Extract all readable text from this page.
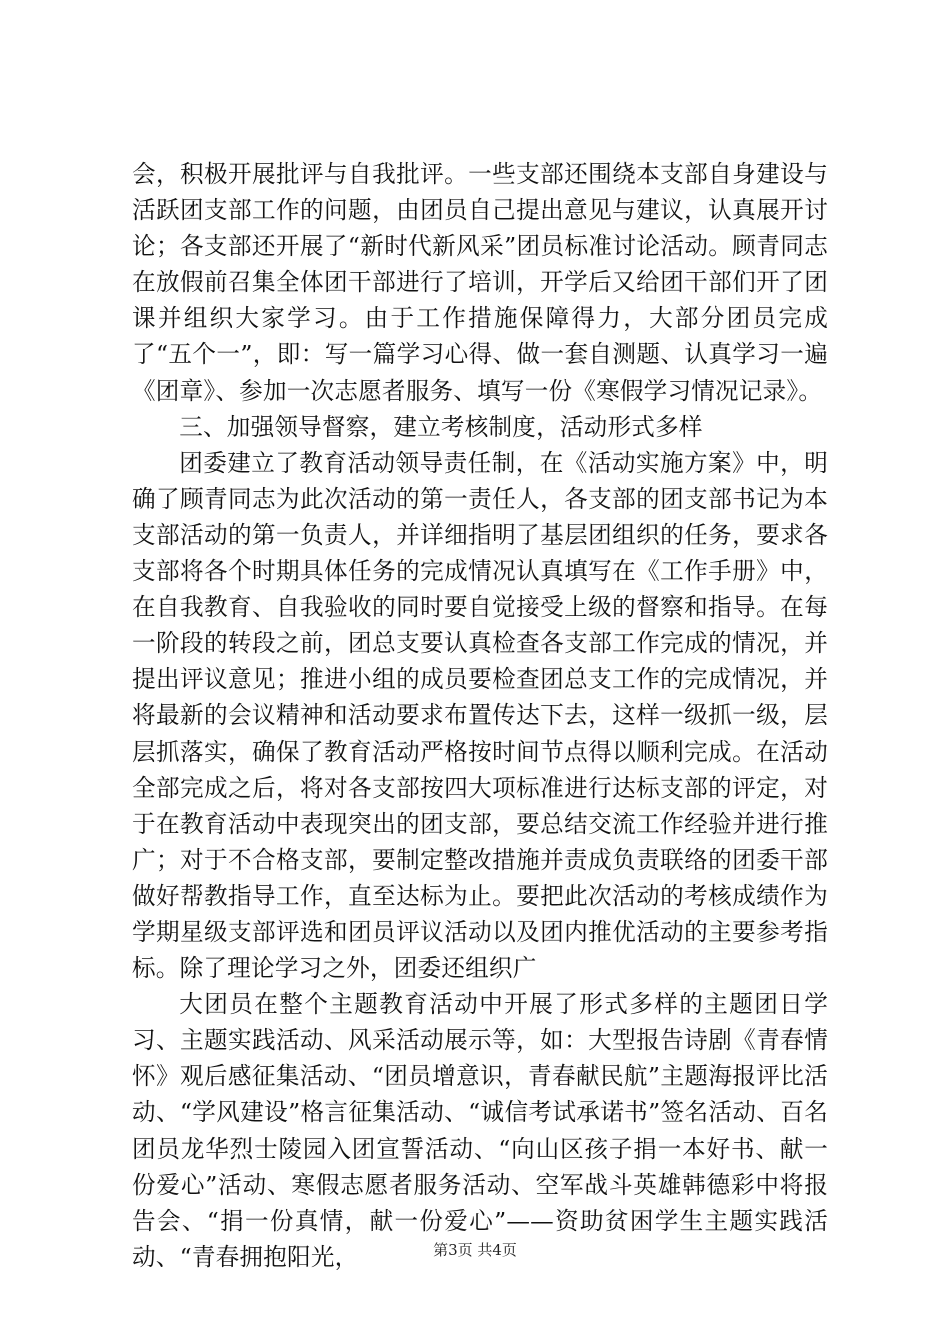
会，积极开展批评与自我批评。一些支部还围绕本支部自身建设与活跃团支部工作的问题，由团员自己提出意见与建议，认真展开讨论；各支部还开展了“新时代新风采”团员标准讨论活动。顾青同志在放假前召集全体团干部进行了培训，开学后又给团干部们开了团课并组织大家学习。由于工作措施保障得力，大部分团员完成了“五个一”，即：写一篇学习心得、做一套自测题、认真学习一遍《团章》、参加一次志愿者服务、填写一份《寒假学习情况记录》。

三、加强领导督察，建立考核制度，活动形式多样

团委建立了教育活动领导责任制，在《活动实施方案》中，明确了顾青同志为此次活动的第一责任人，各支部的团支部书记为本支部活动的第一负责人，并详细指明了基层团组织的任务，要求各支部将各个时期具体任务的完成情况认真填写在《工作手册》中，在自我教育、自我验收的同时要自觉接受上级的督察和指导。在每一阶段的转段之前，团总支要认真检查各支部工作完成的情况，并提出评议意见；推进小组的成员要检查团总支工作的完成情况，并将最新的会议精神和活动要求布置传达下去，这样一级抓一级，层层抓落实，确保了教育活动严格按时间节点得以顺利完成。在活动全部完成之后，将对各支部按四大项标准进行达标支部的评定，对于在教育活动中表现突出的团支部，要总结交流工作经验并进行推广；对于不合格支部，要制定整改措施并责成负责联络的团委干部做好帮教指导工作，直至达标为止。要把此次活动的考核成绩作为学期星级支部评选和团员评议活动以及团内推优活动的主要参考指标。除了理论学习之外，团委还组织广

大团员在整个主题教育活动中开展了形式多样的主题团日学习、主题实践活动、风采活动展示等，如：大型报告诗剧《青春情怀》观后感征集活动、“团员增意识，青春献民航”主题海报评比活动、“学风建设”格言征集活动、“诚信考试承诺书”签名活动、百名团员龙华烈士陵园入团宣誓活动、“向山区孩子捐一本好书、献一份爱心”活动、寒假志愿者服务活动、空军战斗英雄韩德彩中将报告会、“捐一份真情，献一份爱心”——资助贫困学生主题实践活动、“青春拥抱阳光，	第3页 共4页
